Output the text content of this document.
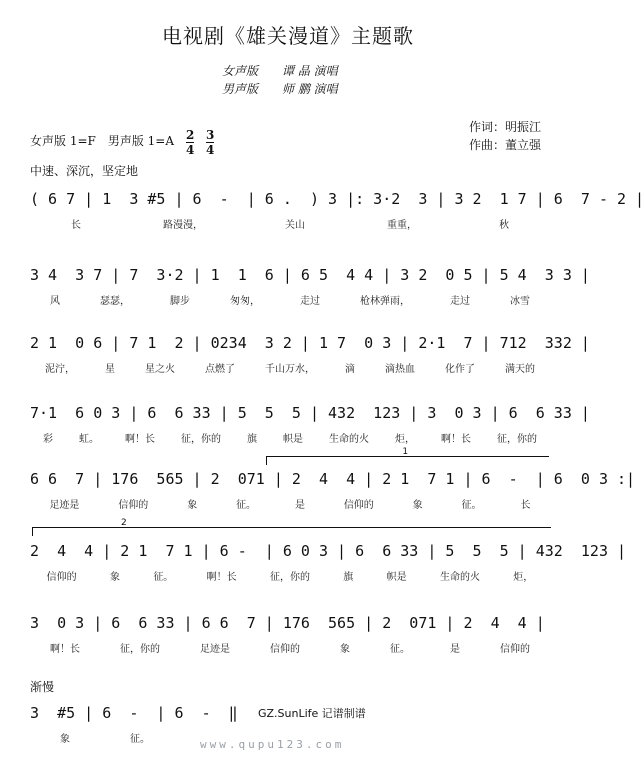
电视剧《雄关漫道》主题歌
女声版　　谭 晶 演唱
男声版　　师 鹏 演唱
作词：明振江
作曲：董立强
女声版 1=F　男声版 1=A 2
4
3
4
中速、深沉，坚定地
1
2
( 6 7 | 1  3 #5 | 6  -  | 6 .  ) 3 |: 3·2  3 | 3 2  1 7 | 6  7 - 2 |
长	路漫漫，	关山	重重，	秋
3 4  3 7 | 7  3·2 | 1  1  6 | 6 5  4 4 | 3 2  0 5 | 5 4  3 3 |
风	瑟瑟，	脚步	匆匆，	走过	枪林弹雨，	走过	冰雪
2 1  0 6 | 7 1  2 | 0234  3 2 | 1 7  0 3 | 2·1  7 | 712  332 |
泥泞，	星	星之火	点燃了	千山万水，	滴	滴热血	化作了	满天的
7·1  6 0 3 | 6  6 33 | 5  5  5 | 432  123 | 3  0 3 | 6  6 33 |
彩	虹。	啊！长	征，你的	旗	帜是	生命的火	炬，	啊！长	征，你的
6 6  7 | 176  565 | 2  071 | 2  4  4 | 2 1  7 1 | 6  -  | 6  0 3 :|
足迹是	信仰的	象	征。	是	信仰的	象	征。	长
2  4  4 | 2 1  7 1 | 6 -  | 6 0 3 | 6  6 33 | 5  5  5 | 432  123 |
信仰的	象	征。	啊！长	征，你的	旗	帜是	生命的火	炬，
3  0 3 | 6  6 33 | 6 6  7 | 176  565 | 2  071 | 2  4  4 |
啊！长	征，你的	足迹是	信仰的	象	征。	是	信仰的
渐慢
3  #5 | 6  -  | 6  -  ‖
象	征。
GZ.SunLife 记谱制谱
www.qupu123.com
